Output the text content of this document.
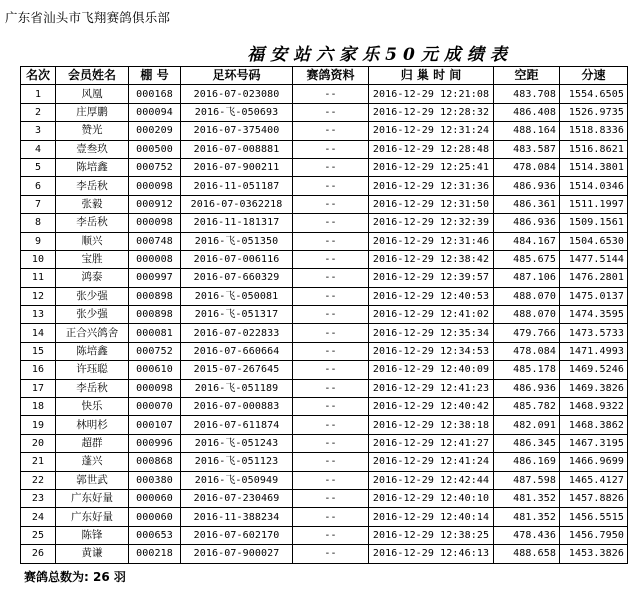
广东省汕头市飞翔赛鸽俱乐部
福安站六家乐50元成绩表
名次	会员姓名	棚 号	足环号码	赛鸽资料	归 巢 时 间	空距	分速
1	风凰	000168	2016-07-023080	--	2016-12-29 12:21:08	483.708	1554.6505
2	庄厚鹏	000094	2016-飞-050693	--	2016-12-29 12:28:32	486.408	1526.9735
3	赞光	000209	2016-07-375400	--	2016-12-29 12:31:24	488.164	1518.8336
4	壹叁玖	000500	2016-07-008881	--	2016-12-29 12:28:48	483.587	1516.8621
5	陈培鑫	000752	2016-07-900211	--	2016-12-29 12:25:41	478.084	1514.3801
6	李岳秋	000098	2016-11-051187	--	2016-12-29 12:31:36	486.936	1514.0346
7	张毅	000912	2016-07-0362218	--	2016-12-29 12:31:50	486.361	1511.1997
8	李岳秋	000098	2016-11-181317	--	2016-12-29 12:32:39	486.936	1509.1561
9	顺兴	000748	2016-飞-051350	--	2016-12-29 12:31:46	484.167	1504.6530
10	宝胜	000008	2016-07-006116	--	2016-12-29 12:38:42	485.675	1477.5144
11	鸿泰	000997	2016-07-660329	--	2016-12-29 12:39:57	487.106	1476.2801
12	张少强	000898	2016-飞-050081	--	2016-12-29 12:40:53	488.070	1475.0137
13	张少强	000898	2016-飞-051317	--	2016-12-29 12:41:02	488.070	1474.3595
14	正合兴鸽舍	000081	2016-07-022833	--	2016-12-29 12:35:34	479.766	1473.5733
15	陈培鑫	000752	2016-07-660664	--	2016-12-29 12:34:53	478.084	1471.4993
16	许珏聪	000610	2015-07-267645	--	2016-12-29 12:40:09	485.178	1469.5246
17	李岳秋	000098	2016-飞-051189	--	2016-12-29 12:41:23	486.936	1469.3826
18	快乐	000070	2016-07-000883	--	2016-12-29 12:40:42	485.782	1468.9322
19	林明杉	000107	2016-07-611874	--	2016-12-29 12:38:18	482.091	1468.3862
20	超群	000996	2016-飞-051243	--	2016-12-29 12:41:27	486.345	1467.3195
21	蓬兴	000868	2016-飞-051123	--	2016-12-29 12:41:24	486.169	1466.9699
22	郭世武	000380	2016-飞-050949	--	2016-12-29 12:42:44	487.598	1465.4127
23	广东好量	000060	2016-07-230469	--	2016-12-29 12:40:10	481.352	1457.8826
24	广东好量	000060	2016-11-388234	--	2016-12-29 12:40:14	481.352	1456.5515
25	陈锋	000653	2016-07-602170	--	2016-12-29 12:38:25	478.436	1456.7950
26	黄谦	000218	2016-07-900027	--	2016-12-29 12:46:13	488.658	1453.3826
赛鸽总数为: 26 羽
